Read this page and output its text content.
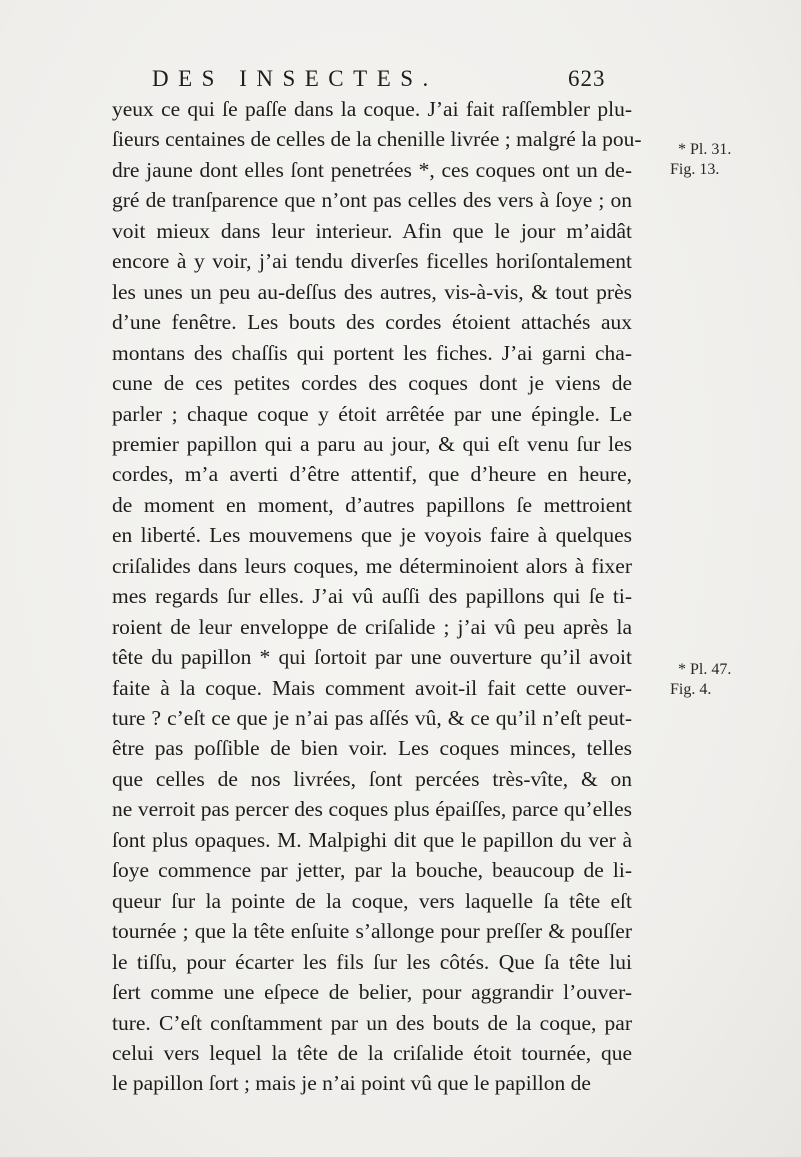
DES INSECTES.	623
yeux ce qui ſe paſſe dans la coque. J’ai fait raſſembler plu-
ſieurs centaines de celles de la chenille livrée ; malgré la pou-
dre jaune dont elles ſont penetrées *, ces coques ont un de-
gré de tranſparence que n’ont pas celles des vers à ſoye ; on
voit mieux dans leur interieur. Afin que le jour m’aidât
encore à y voir, j’ai tendu diverſes ficelles horiſontalement
les unes un peu au-deſſus des autres, vis-à-vis, & tout près
d’une fenêtre. Les bouts des cordes étoient attachés aux
montans des chaſſis qui portent les fiches. J’ai garni cha-
cune de ces petites cordes des coques dont je viens de
parler ; chaque coque y étoit arrêtée par une épingle. Le
premier papillon qui a paru au jour, & qui eſt venu ſur les
cordes, m’a averti d’être attentif, que d’heure en heure,
de moment en moment, d’autres papillons ſe mettroient
en liberté. Les mouvemens que je voyois faire à quelques
criſalides dans leurs coques, me déterminoient alors à fixer
mes regards ſur elles. J’ai vû auſſi des papillons qui ſe ti-
roient de leur enveloppe de criſalide ; j’ai vû peu après la
tête du papillon * qui ſortoit par une ouverture qu’il avoit
faite à la coque. Mais comment avoit-il fait cette ouver-
ture ? c’eſt ce que je n’ai pas aſſés vû, & ce qu’il n’eſt peut-
être pas poſſible de bien voir. Les coques minces, telles
que celles de nos livrées, ſont percées très-vîte, & on
ne verroit pas percer des coques plus épaiſſes, parce qu’elles
ſont plus opaques. M. Malpighi dit que le papillon du ver à
ſoye commence par jetter, par la bouche, beaucoup de li-
queur ſur la pointe de la coque, vers laquelle ſa tête eſt
tournée ; que la tête enſuite s’allonge pour preſſer & pouſſer
le tiſſu, pour écarter les fils ſur les côtés. Que ſa tête lui
ſert comme une eſpece de belier, pour aggrandir l’ouver-
ture. C’eſt conſtamment par un des bouts de la coque, par
celui vers lequel la tête de la criſalide étoit tournée, que
le papillon ſort ; mais je n’ai point vû que le papillon de
* Pl. 31.
Fig. 13.
* Pl. 47.
Fig. 4.
